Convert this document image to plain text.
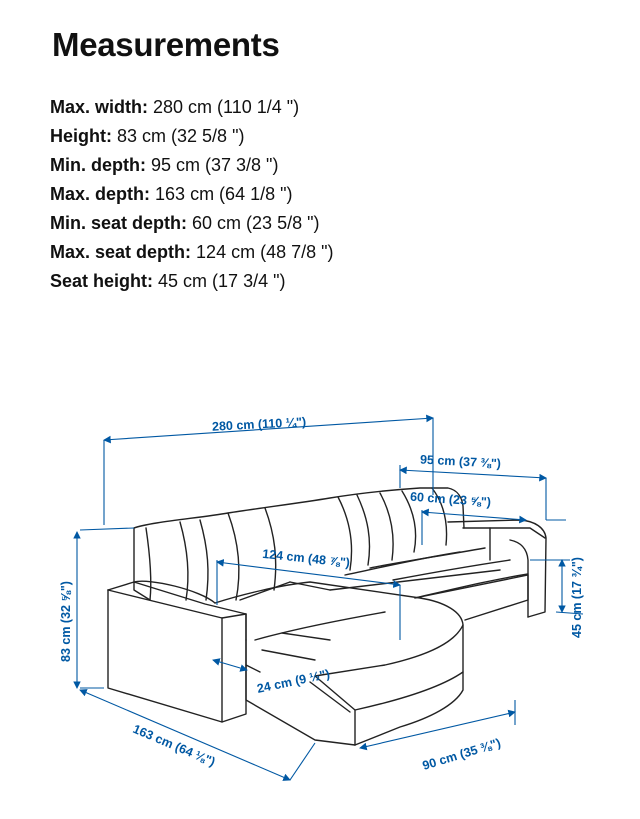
Measurements
Max. width: 280 cm (110 1/4 ")
Height: 83 cm (32 5/8 ")
Min. depth: 95 cm (37 3/8 ")
Max. depth: 163 cm (64 1/8 ")
Min. seat depth: 60 cm (23 5/8 ")
Max. seat depth: 124 cm (48 7/8 ")
Seat height: 45 cm (17 3/4 ")
280 cm (110 ¼")
95 cm (37 ⅜")
60 cm (23 ⅝")
124 cm (48 ⅞")
83 cm (32 ⅝")	45 cm (17 ¾")
24 cm (9 ½")
163 cm (64 ⅛")	90 cm (35 ⅜")
